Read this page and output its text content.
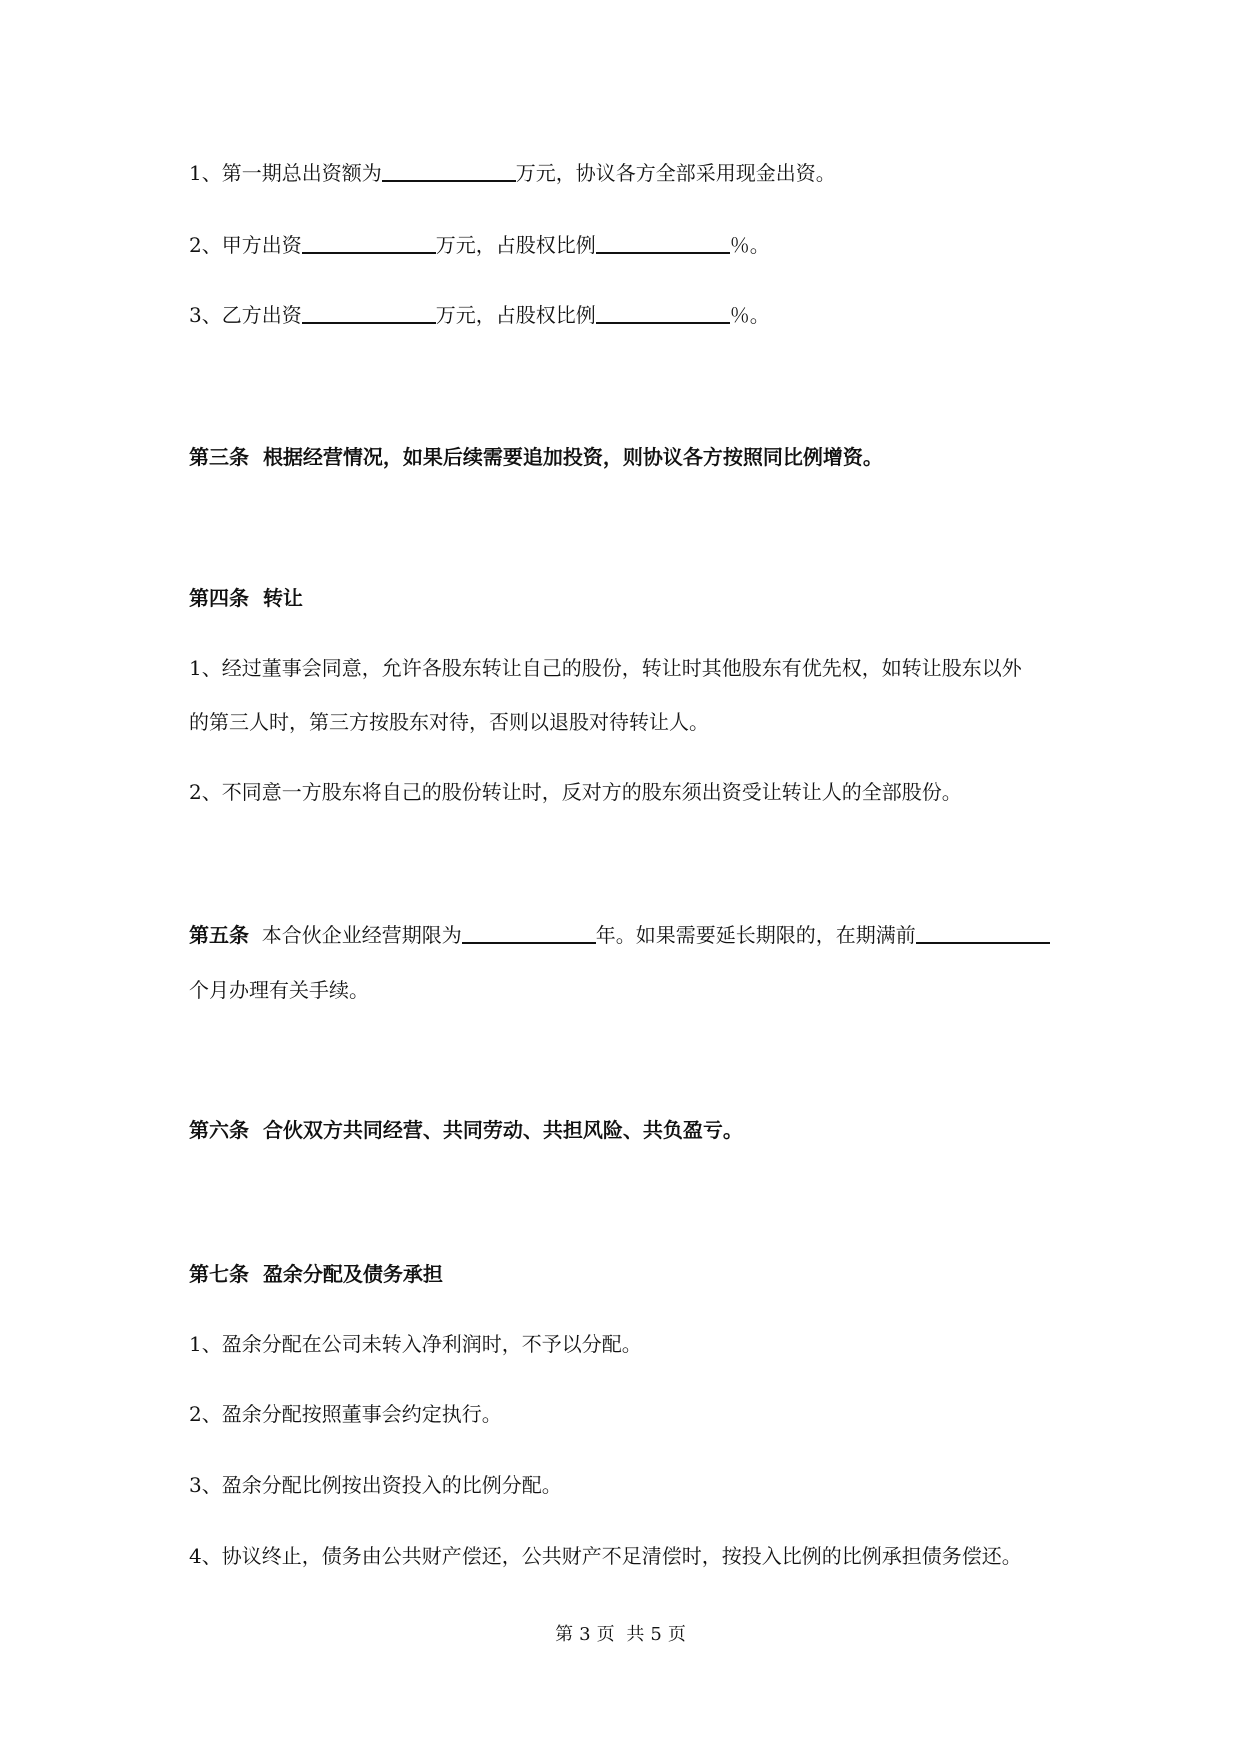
1、第一期总出资额为	万元，协议各方全部采用现金出资。
2、甲方出资	万元，占股权比例	％。
3、乙方出资	万元，占股权比例	％。
第三条 根据经营情况，如果后续需要追加投资，则协议各方按照同比例增资。
第四条 转让
1、经过董事会同意，允许各股东转让自己的股份，转让时其他股东有优先权，如转让股东以外
的第三人时，第三方按股东对待，否则以退股对待转让人。
2、不同意一方股东将自己的股份转让时，反对方的股东须出资受让转让人的全部股份。
第五条 本合伙企业经营期限为	年。如果需要延长期限的，在期满前
个月办理有关手续。
第六条 合伙双方共同经营、共同劳动、共担风险、共负盈亏。
第七条 盈余分配及债务承担
1、盈余分配在公司未转入净利润时，不予以分配。
2、盈余分配按照董事会约定执行。
3、盈余分配比例按出资投入的比例分配。
4、协议终止，债务由公共财产偿还，公共财产不足清偿时，按投入比例的比例承担债务偿还。
第 3 页 共 5 页
